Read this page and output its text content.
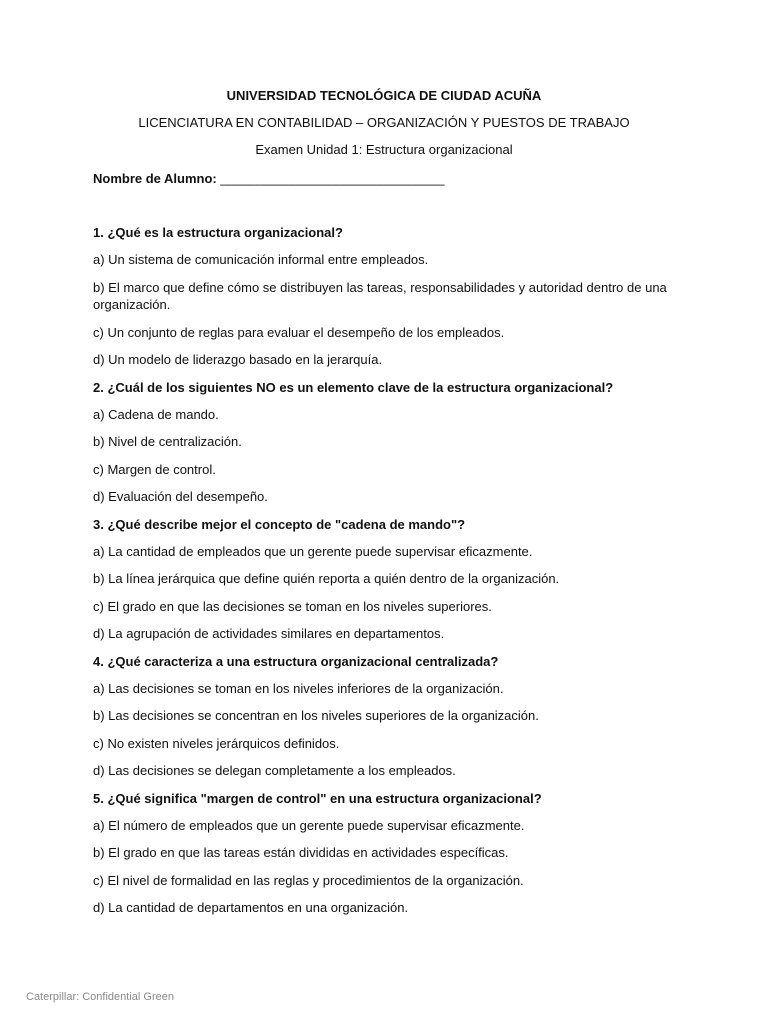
UNIVERSIDAD TECNOLÓGICA DE CIUDAD ACUÑA
LICENCIATURA EN CONTABILIDAD – ORGANIZACIÓN Y PUESTOS DE TRABAJO
Examen Unidad 1: Estructura organizacional
Nombre de Alumno: _______________________________
1. ¿Qué es la estructura organizacional?
a) Un sistema de comunicación informal entre empleados.
b) El marco que define cómo se distribuyen las tareas, responsabilidades y autoridad dentro de una organización.
c) Un conjunto de reglas para evaluar el desempeño de los empleados.
d) Un modelo de liderazgo basado en la jerarquía.
2. ¿Cuál de los siguientes NO es un elemento clave de la estructura organizacional?
a) Cadena de mando.
b) Nivel de centralización.
c) Margen de control.
d) Evaluación del desempeño.
3. ¿Qué describe mejor el concepto de "cadena de mando"?
a) La cantidad de empleados que un gerente puede supervisar eficazmente.
b) La línea jerárquica que define quién reporta a quién dentro de la organización.
c) El grado en que las decisiones se toman en los niveles superiores.
d) La agrupación de actividades similares en departamentos.
4. ¿Qué caracteriza a una estructura organizacional centralizada?
a) Las decisiones se toman en los niveles inferiores de la organización.
b) Las decisiones se concentran en los niveles superiores de la organización.
c) No existen niveles jerárquicos definidos.
d) Las decisiones se delegan completamente a los empleados.
5. ¿Qué significa "margen de control" en una estructura organizacional?
a) El número de empleados que un gerente puede supervisar eficazmente.
b) El grado en que las tareas están divididas en actividades específicas.
c) El nivel de formalidad en las reglas y procedimientos de la organización.
d) La cantidad de departamentos en una organización.
Caterpillar: Confidential Green
